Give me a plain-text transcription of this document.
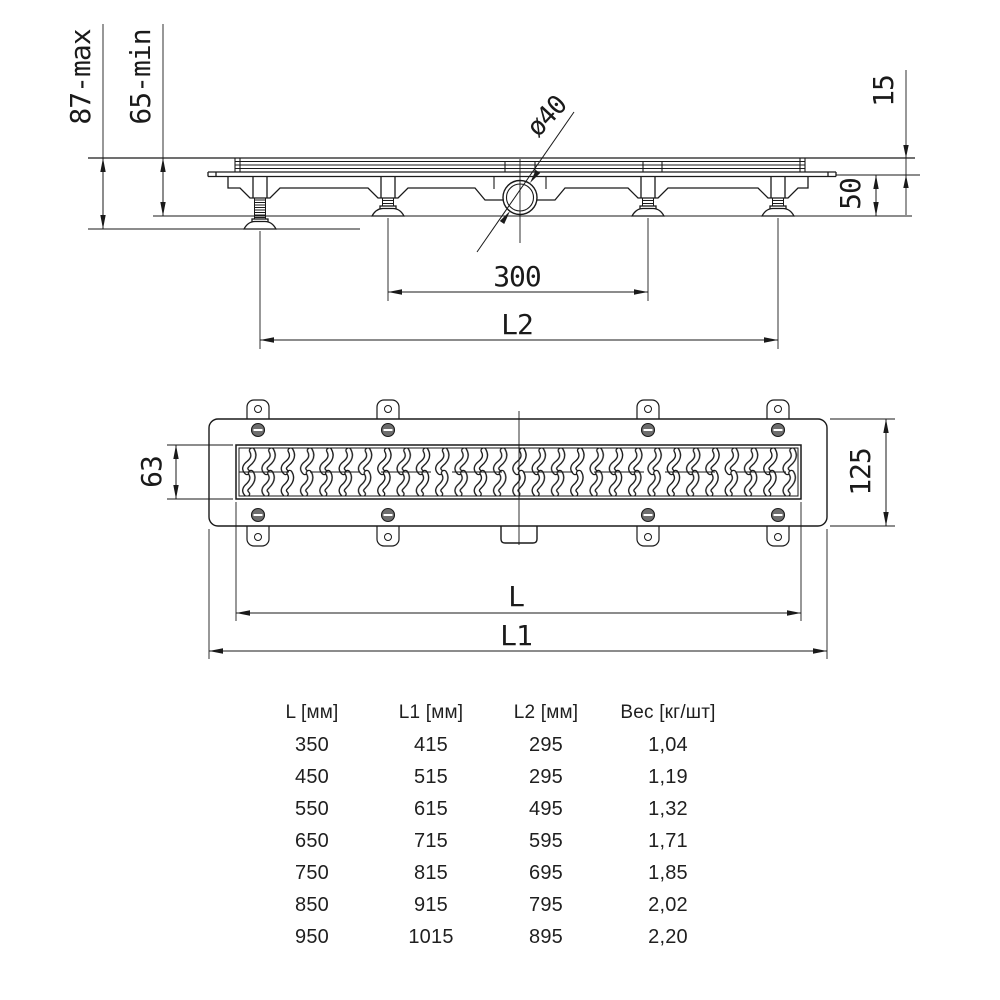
87-max 65-min	15
50
300
L2
ø40
63	125
L
L1
L [мм]	L1 [мм]	L2 [мм]	Вес [кг/шт]
350	415	295	1,04
450	515	295	1,19
550	615	495	1,32
650	715	595	1,71
750	815	695	1,85
850	915	795	2,02
950	1015	895	2,20
